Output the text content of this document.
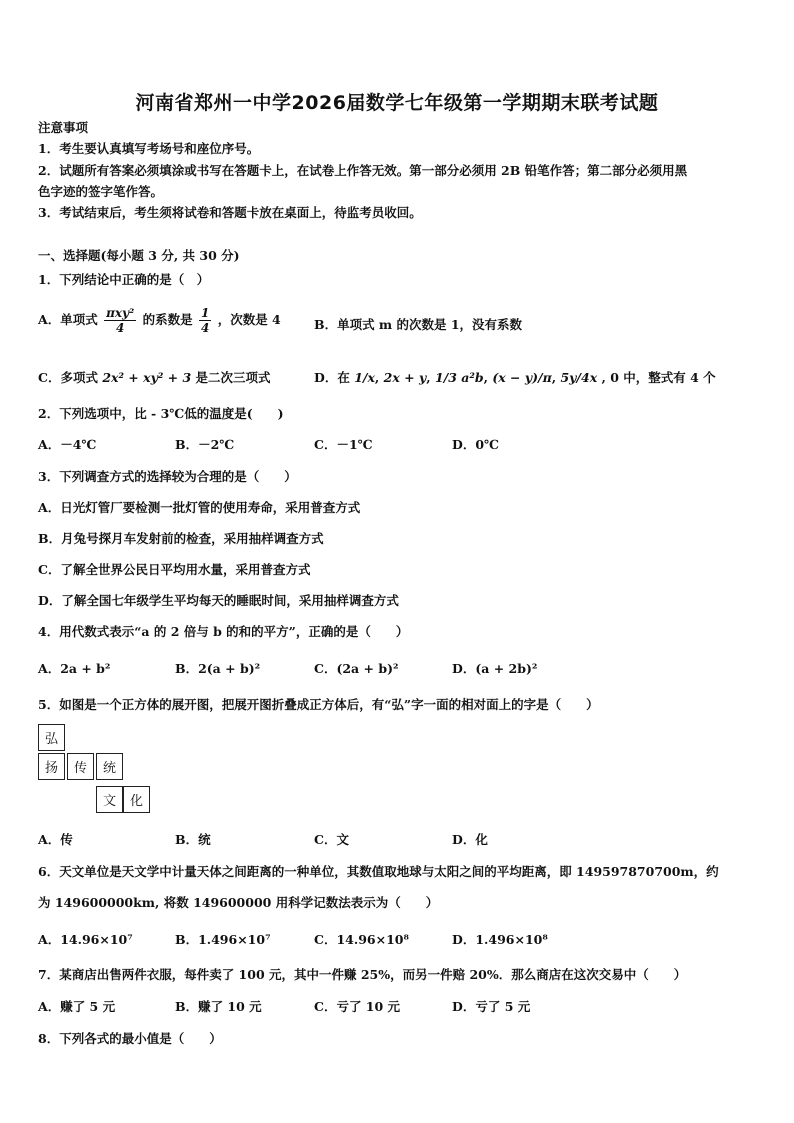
河南省郑州一中学2026届数学七年级第一学期期末联考试题
注意事项
1．考生要认真填写考场号和座位序号。
2．试题所有答案必须填涂或书写在答题卡上，在试卷上作答无效。第一部分必须用 2B 铅笔作答；第二部分必须用黑
色字迹的签字笔作答。
3．考试结束后，考生须将试卷和答题卡放在桌面上，待监考员收回。
一、选择题(每小题 3 分, 共 30 分)
1．下列结论中正确的是（　）
A．单项式 $\frac{\text{πxy²}}{4}$ 的系数是 $\frac{1}{4}$ ，次数是 4	B．单项式 m 的次数是 1，没有系数
C．多项式 2x² + xy² + 3 是二次三项式	D．在 1/x, 2x + y, 1/3 a²b, (x − y)/π, 5y/4x , 0 中，整式有 4 个
2．下列选项中，比 - 3℃低的温度是(　　)
A．－4℃	B．－2℃	C．－1℃	D．0℃
3．下列调查方式的选择较为合理的是（　　）
A．日光灯管厂要检测一批灯管的使用寿命，采用普查方式
B．月兔号探月车发射前的检查，采用抽样调查方式
C．了解全世界公民日平均用水量，采用普查方式
D．了解全国七年级学生平均每天的睡眠时间，采用抽样调查方式
4．用代数式表示“a 的 2 倍与 b 的和的平方”，正确的是（　　）
A．2a + b²	B．2(a + b)²	C．(2a + b)²	D．(a + 2b)²
5．如图是一个正方体的展开图，把展开图折叠成正方体后，有“弘”字一面的相对面上的字是（　　）
弘
扬	传	统
文	化
A．传	B．统	C．文	D．化
6．天文单位是天文学中计量天体之间距离的一种单位，其数值取地球与太阳之间的平均距离，即 149597870700m，约
为 149600000km, 将数 149600000 用科学记数法表示为（　　）
A．14.96×10⁷	B．1.496×10⁷	C．14.96×10⁸	D．1.496×10⁸
7．某商店出售两件衣服，每件卖了 100 元，其中一件赚 25%，而另一件赔 20%．那么商店在这次交易中（　　）
A．赚了 5 元	B．赚了 10 元	C．亏了 10 元	D．亏了 5 元
8．下列各式的最小值是（　　）
